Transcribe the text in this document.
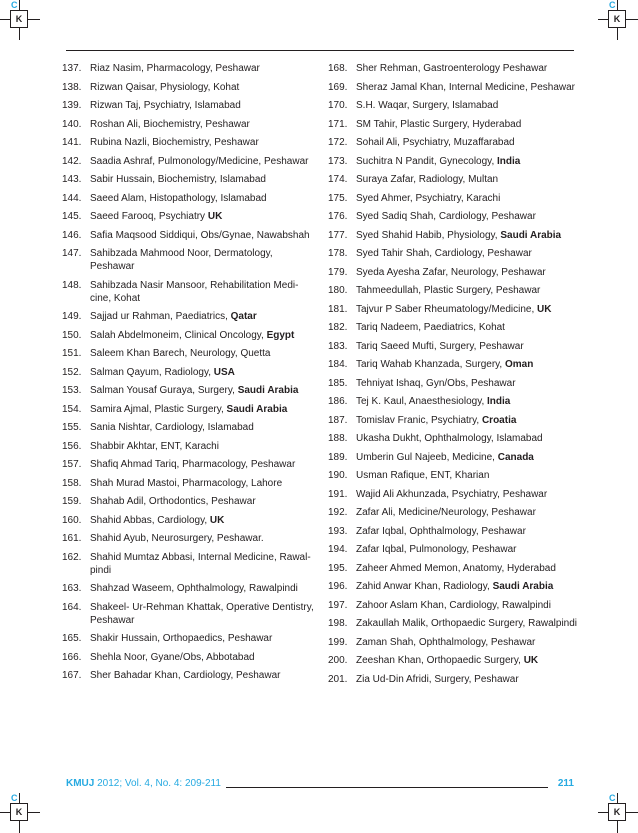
C
K
C
K
C
K
C
K
137. Riaz Nasim, Pharmacology, Peshawar
138. Rizwan Qaisar, Physiology, Kohat
139. Rizwan Taj, Psychiatry, Islamabad
140. Roshan Ali, Biochemistry, Peshawar
141. Rubina Nazli, Biochemistry, Peshawar
142. Saadia Ashraf, Pulmonology/Medicine, Peshawar
143. Sabir Hussain, Biochemistry, Islamabad
144. Saeed Alam, Histopathology, Islamabad
145. Saeed Farooq, Psychiatry UK
146. Safia Maqsood Siddiqui, Obs/Gynae, Nawabshah
147. Sahibzada Mahmood Noor, Dermatology, Peshawar
148. Sahibzada Nasir Mansoor, Rehabilitation Medi-cine, Kohat
149. Sajjad ur Rahman, Paediatrics, Qatar
150. Salah Abdelmoneim, Clinical Oncology, Egypt
151. Saleem Khan Barech, Neurology, Quetta
152. Salman Qayum, Radiology, USA
153. Salman Yousaf Guraya, Surgery, Saudi Arabia
154. Samira Ajmal, Plastic Surgery, Saudi Arabia
155. Sania Nishtar, Cardiology, Islamabad
156. Shabbir Akhtar, ENT, Karachi
157. Shafiq Ahmad Tariq, Pharmacology, Peshawar
158. Shah Murad Mastoi, Pharmacology, Lahore
159. Shahab Adil, Orthodontics, Peshawar
160. Shahid Abbas, Cardiology, UK
161. Shahid Ayub, Neurosurgery, Peshawar.
162. Shahid Mumtaz Abbasi, Internal Medicine, Rawal-pindi
163. Shahzad Waseem, Ophthalmology, Rawalpindi
164. Shakeel- Ur-Rehman Khattak, Operative Dentistry, Peshawar
165. Shakir Hussain, Orthopaedics, Peshawar
166. Shehla Noor, Gyane/Obs, Abbotabad
167. Sher Bahadar Khan, Cardiology, Peshawar
168. Sher Rehman, Gastroenterology Peshawar
169. Sheraz Jamal Khan, Internal Medicine, Peshawar
170. S.H. Waqar, Surgery, Islamabad
171. SM Tahir, Plastic Surgery, Hyderabad
172. Sohail Ali, Psychiatry, Muzaffarabad
173. Suchitra N Pandit, Gynecology, India
174. Suraya Zafar, Radiology, Multan
175. Syed Ahmer, Psychiatry, Karachi
176. Syed Sadiq Shah, Cardiology, Peshawar
177. Syed Shahid Habib, Physiology, Saudi Arabia
178. Syed Tahir Shah, Cardiology, Peshawar
179. Syeda Ayesha Zafar, Neurology, Peshawar
180. Tahmeedullah, Plastic Surgery, Peshawar
181. Tajvur P Saber Rheumatology/Medicine, UK
182. Tariq Nadeem, Paediatrics, Kohat
183. Tariq Saeed Mufti, Surgery, Peshawar
184. Tariq Wahab Khanzada, Surgery, Oman
185. Tehniyat Ishaq, Gyn/Obs, Peshawar
186. Tej K. Kaul, Anaesthesiology, India
187. Tomislav Franic, Psychiatry, Croatia
188. Ukasha Dukht, Ophthalmology, Islamabad
189. Umberin Gul Najeeb, Medicine, Canada
190. Usman Rafique, ENT, Kharian
191. Wajid Ali Akhunzada, Psychiatry, Peshawar
192. Zafar Ali, Medicine/Neurology, Peshawar
193. Zafar Iqbal, Ophthalmology, Peshawar
194. Zafar Iqbal, Pulmonology, Peshawar
195. Zaheer Ahmed Memon, Anatomy, Hyderabad
196. Zahid Anwar Khan, Radiology, Saudi Arabia
197. Zahoor Aslam Khan, Cardiology, Rawalpindi
198. Zakaullah Malik, Orthopaedic Surgery, Rawalpindi
199. Zaman Shah, Ophthalmology, Peshawar
200. Zeeshan Khan, Orthopaedic Surgery, UK
201. Zia Ud-Din Afridi, Surgery, Peshawar
KMUJ 2012; Vol. 4, No. 4: 209-211	211
